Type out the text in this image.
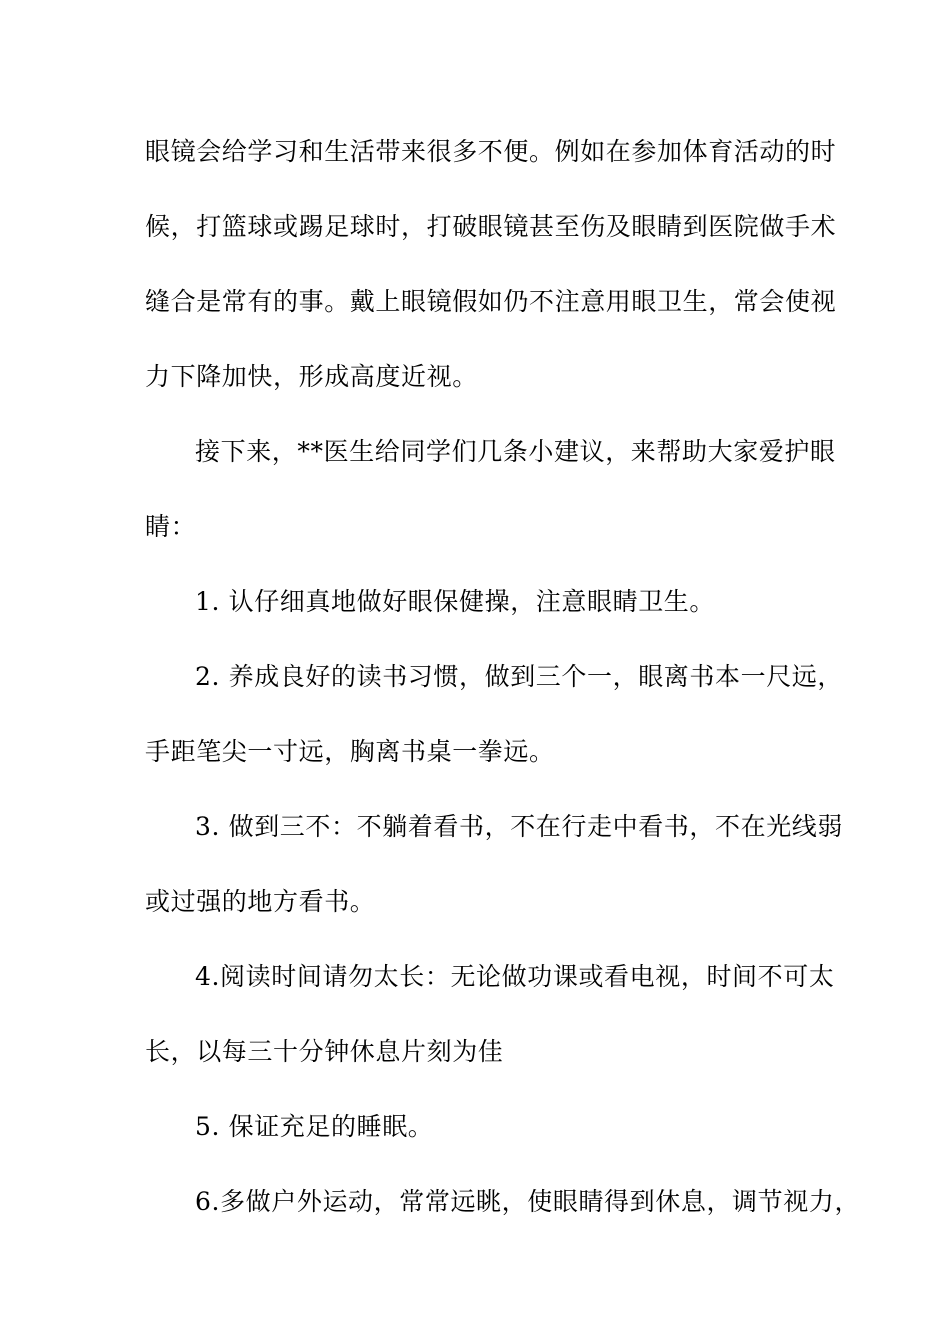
眼镜会给学习和生活带来很多不便。例如在参加体育活动的时
候，打篮球或踢足球时，打破眼镜甚至伤及眼睛到医院做手术
缝合是常有的事。戴上眼镜假如仍不注意用眼卫生，常会使视
力下降加快，形成高度近视。
接下来，**医生给同学们几条小建议，来帮助大家爱护眼
睛：
1. 认仔细真地做好眼保健操，注意眼睛卫生。
2. 养成良好的读书习惯，做到三个一，眼离书本一尺远，
手距笔尖一寸远，胸离书桌一拳远。
3. 做到三不：不躺着看书，不在行走中看书，不在光线弱
或过强的地方看书。
4.阅读时间请勿太长：无论做功课或看电视，时间不可太
长，以每三十分钟休息片刻为佳
5. 保证充足的睡眠。
6.多做户外运动，常常远眺，使眼睛得到休息，调节视力，
